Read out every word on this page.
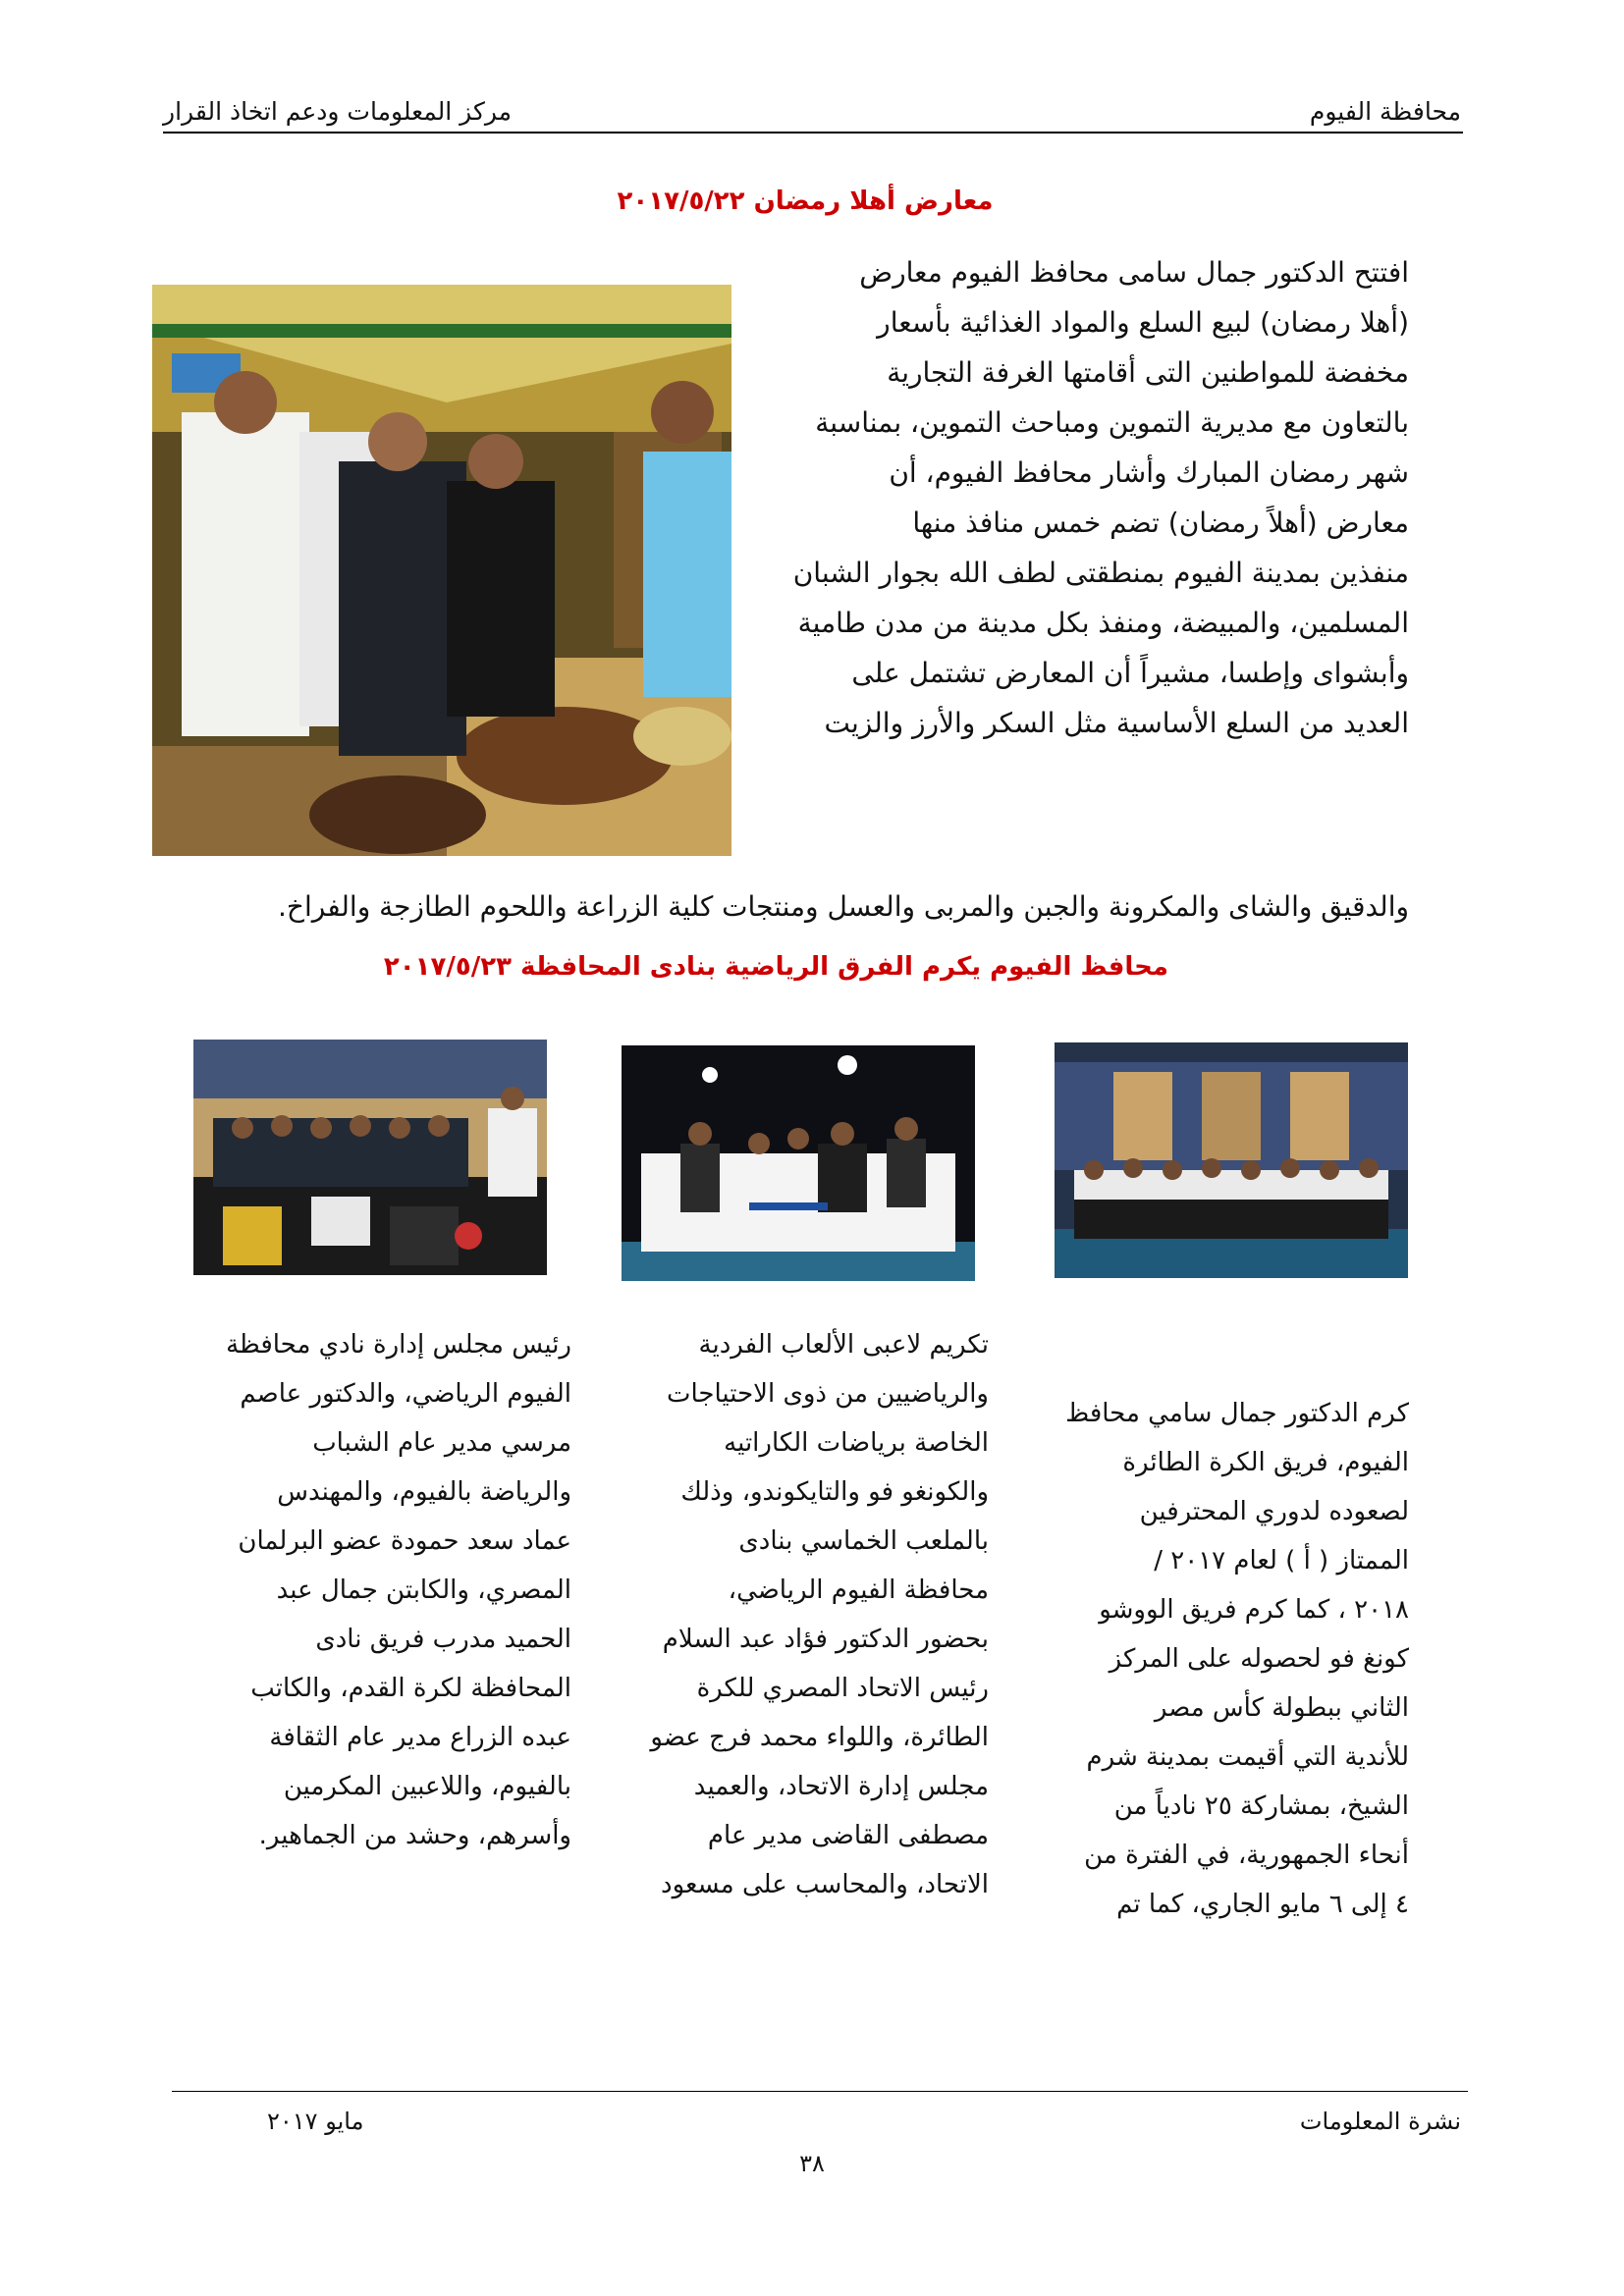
محافظة الفيوم
مركز المعلومات ودعم اتخاذ القرار
معارض أهلا رمضان ٢٠١٧/٥/٢٢

افتتح الدكتور جمال سامى محافظ الفيوم معارض

(أهلا رمضان) لبيع السلع والمواد الغذائية بأسعار

مخفضة للمواطنين التى أقامتها الغرفة التجارية

بالتعاون مع مديرية التموين ومباحث التموين، بمناسبة

شهر رمضان المبارك وأشار محافظ الفيوم، أن

معارض (أهلاً رمضان) تضم خمس منافذ منها

منفذين بمدينة الفيوم بمنطقتى لطف الله بجوار الشبان

المسلمين، والمبيضة، ومنفذ بكل مدينة من مدن طامية

وأبشواى وإطسا، مشيراً أن المعارض تشتمل على

العديد من السلع الأساسية مثل السكر والأرز والزيت

والدقيق والشاى والمكرونة والجبن والمربى والعسل ومنتجات كلية الزراعة واللحوم الطازجة والفراخ.
محافظ الفيوم يكرم الفرق الرياضية بنادى المحافظة ٢٠١٧/٥/٢٣

كرم الدكتور جمال سامي محافظ

الفيوم، فريق الكرة الطائرة

لصعوده لدوري المحترفين

الممتاز ( أ ) لعام ٢٠١٧ /

٢٠١٨ ، كما كرم فريق الووشو

كونغ فو لحصوله على المركز

الثاني ببطولة كأس مصر

للأندية التي أقيمت بمدينة شرم

الشيخ، بمشاركة ٢٥ نادياً من

أنحاء الجمهورية، في الفترة من

٤ إلى ٦ مايو الجاري، كما تم

تكريم لاعبى الألعاب الفردية

والرياضيين من ذوى الاحتياجات

الخاصة برياضات الكاراتيه

والكونغو فو والتايكوندو، وذلك

بالملعب الخماسي بنادى

محافظة الفيوم الرياضي،

بحضور الدكتور فؤاد عبد السلام

رئيس الاتحاد المصري للكرة

الطائرة، واللواء محمد فرج عضو

مجلس إدارة الاتحاد، والعميد

مصطفى القاضى مدير عام

الاتحاد، والمحاسب على مسعود

رئيس مجلس إدارة نادي محافظة

الفيوم الرياضي، والدكتور عاصم

مرسي مدير عام الشباب

والرياضة بالفيوم، والمهندس

عماد سعد حمودة عضو البرلمان

المصري، والكابتن جمال عبد

الحميد مدرب فريق نادى

المحافظة لكرة القدم، والكاتب

عبده الزراع مدير عام الثقافة

بالفيوم، واللاعبين المكرمين

وأسرهم، وحشد من الجماهير.

نشرة المعلومات
مايو ٢٠١٧
٣٨
